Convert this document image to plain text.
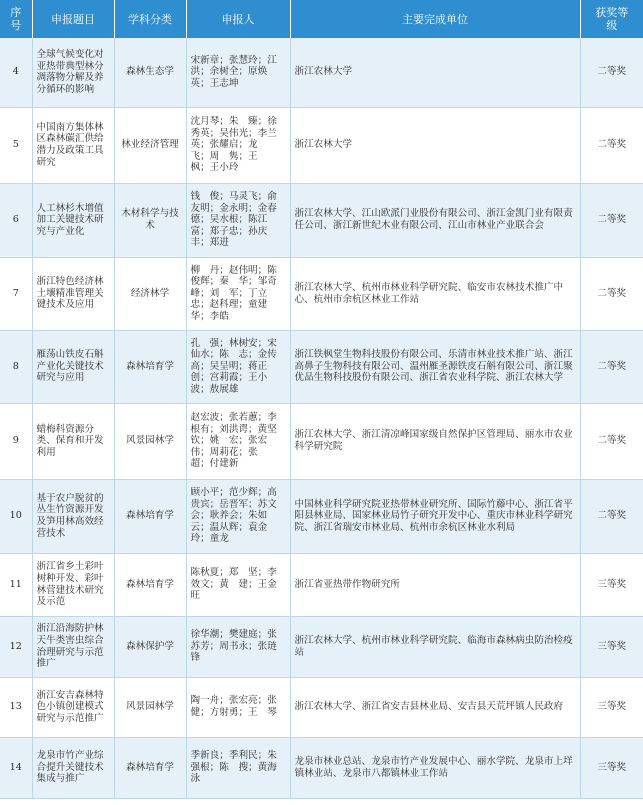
序号	申报题目	学科分类	申报人	主要完成单位	获奖等级
4	全球气候变化对亚热带典型林分凋落物分解及养分循环的影响	森林生态学	宋新章；张慧玲；江洪；余树全；原焕英；王志坤	浙江农林大学	二等奖
5	中国南方集体林区森林碳汇供给潜力及政策工具研究	林业经济管理	沈月琴；朱　臻；徐秀英；吴伟光；李兰英；张耀启；龙　飞；周　隽；王　枫；王小玲	浙江农林大学	二等奖
6	人工林杉木增值加工关键技术研究与产业化	木材科学与技术	钱　俊；马灵飞；俞友明；金永明；金春德；吴水根；陈江富；郑子忠；孙庆丰；郑进	浙江农林大学、江山欧派门业股份有限公司、浙江金凯门业有限责任公司、浙江新世纪木业有限公司、江山市林业产业联合会	二等奖
7	浙江特色经济林土壤精准管理关键技术及应用	经济林学	柳　丹；赵伟明；陈俊辉；秦　华；邹奇峰；刘　军；丁立忠；赵科理；童建华；李皓	浙江农林大学、杭州市林业科学研究院、临安市农林技术推广中心、杭州市余杭区林业工作站	二等奖
8	雁荡山铁皮石斛产业化关键技术研究与应用	森林培育学	孔　强；林树安；宋仙水；陈　志；金传高；吴呈明；蒋正创；宫莉霞；王小波；敖展雄	浙江铁枫堂生物科技股份有限公司、乐清市林业技术推广站、浙江高鼻子生物科技有限公司、温州雁圣源铁皮石斛有限公司、浙江聚优品生物科技股份有限公司、浙江省农业科学院、浙江农林大学	二等奖
9	蜡梅科资源分类、保育和开发利用	风景园林学	赵宏波；张若蕙；李根有；刘洪谔；黄坚钦；姚　宏；张宏伟；周莉花；张　超；付建新	浙江农林大学、浙江清凉峰国家级自然保护区管理局、丽水市农业科学研究院	二等奖
10	基于农户脱贫的丛生竹资源开发及笋用林高效经营技术	森林培育学	顾小平；范少辉；高贵宾；岳晋军；苏文会；耿养会；朱如云；温从辉；袁金玲；童龙	中国林业科学研究院亚热带林业研究所、国际竹藤中心、浙江省平阳县林业局、国家林业局竹子研究开发中心、重庆市林业科学研究院、浙江省瑞安市林业局、杭州市余杭区林业水利局	二等奖
11	浙江省乡土彩叶树种开发、彩叶林营建技术研究及示范	森林培育学	陈秋夏；郑　坚；李效文；黄　建；王金旺	浙江省亚热带作物研究所	三等奖
12	浙江沿海防护林天牛类害虫综合治理研究与示范推广	森林保护学	徐华潮；樊建庭；张苏芳；周书永；张琏锋	浙江农林大学、杭州市林业科学研究院、临海市森林病虫防治检疫站	三等奖
13	浙江安吉森林特色小镇创建模式研究与示范推广	风景园林学	陶一舟；张宏亮；张健；方射勇；王　琴	浙江农林大学、浙江省安吉县林业局、安吉县天荒坪镇人民政府	三等奖
14	龙泉市竹产业综合提升关键技术集成与推广	森林培育学	季新良；季利民；朱强根；陈　搜；黄海泳	龙泉市林业总站、龙泉市竹产业发展中心、丽水学院、龙泉市上垟镇林业站、龙泉市八都镇林业工作站	三等奖
